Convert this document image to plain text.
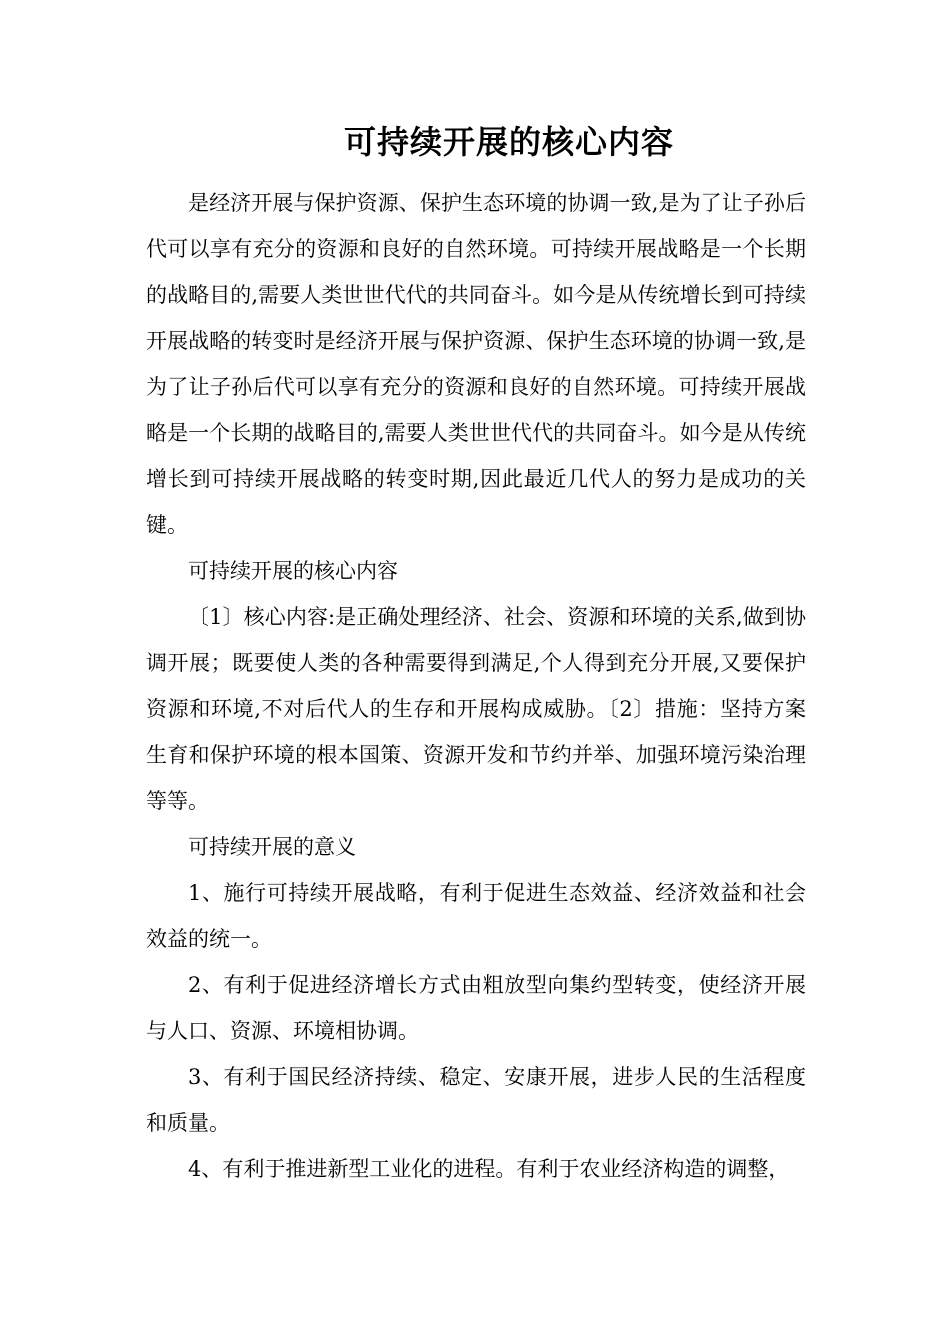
可持续开展的核心内容

是经济开展与保护资源、保护生态环境的协调一致,是为了让子孙后代可以享有充分的资源和良好的自然环境。可持续开展战略是一个长期的战略目的,需要人类世世代代的共同奋斗。如今是从传统增长到可持续开展战略的转变时是经济开展与保护资源、保护生态环境的协调一致,是为了让子孙后代可以享有充分的资源和良好的自然环境。可持续开展战略是一个长期的战略目的,需要人类世世代代的共同奋斗。如今是从传统增长到可持续开展战略的转变时期,因此最近几代人的努力是成功的关键。

可持续开展的核心内容

〔1〕核心内容:是正确处理经济、社会、资源和环境的关系,做到协调开展；既要使人类的各种需要得到满足,个人得到充分开展,又要保护资源和环境,不对后代人的生存和开展构成威胁。〔2〕措施：坚持方案生育和保护环境的根本国策、资源开发和节约并举、加强环境污染治理等等。

可持续开展的意义

1、施行可持续开展战略，有利于促进生态效益、经济效益和社会效益的统一。

2、有利于促进经济增长方式由粗放型向集约型转变，使经济开展与人口、资源、环境相协调。

3、有利于国民经济持续、稳定、安康开展，进步人民的生活程度和质量。

4、有利于推进新型工业化的进程。有利于农业经济构造的调整，
